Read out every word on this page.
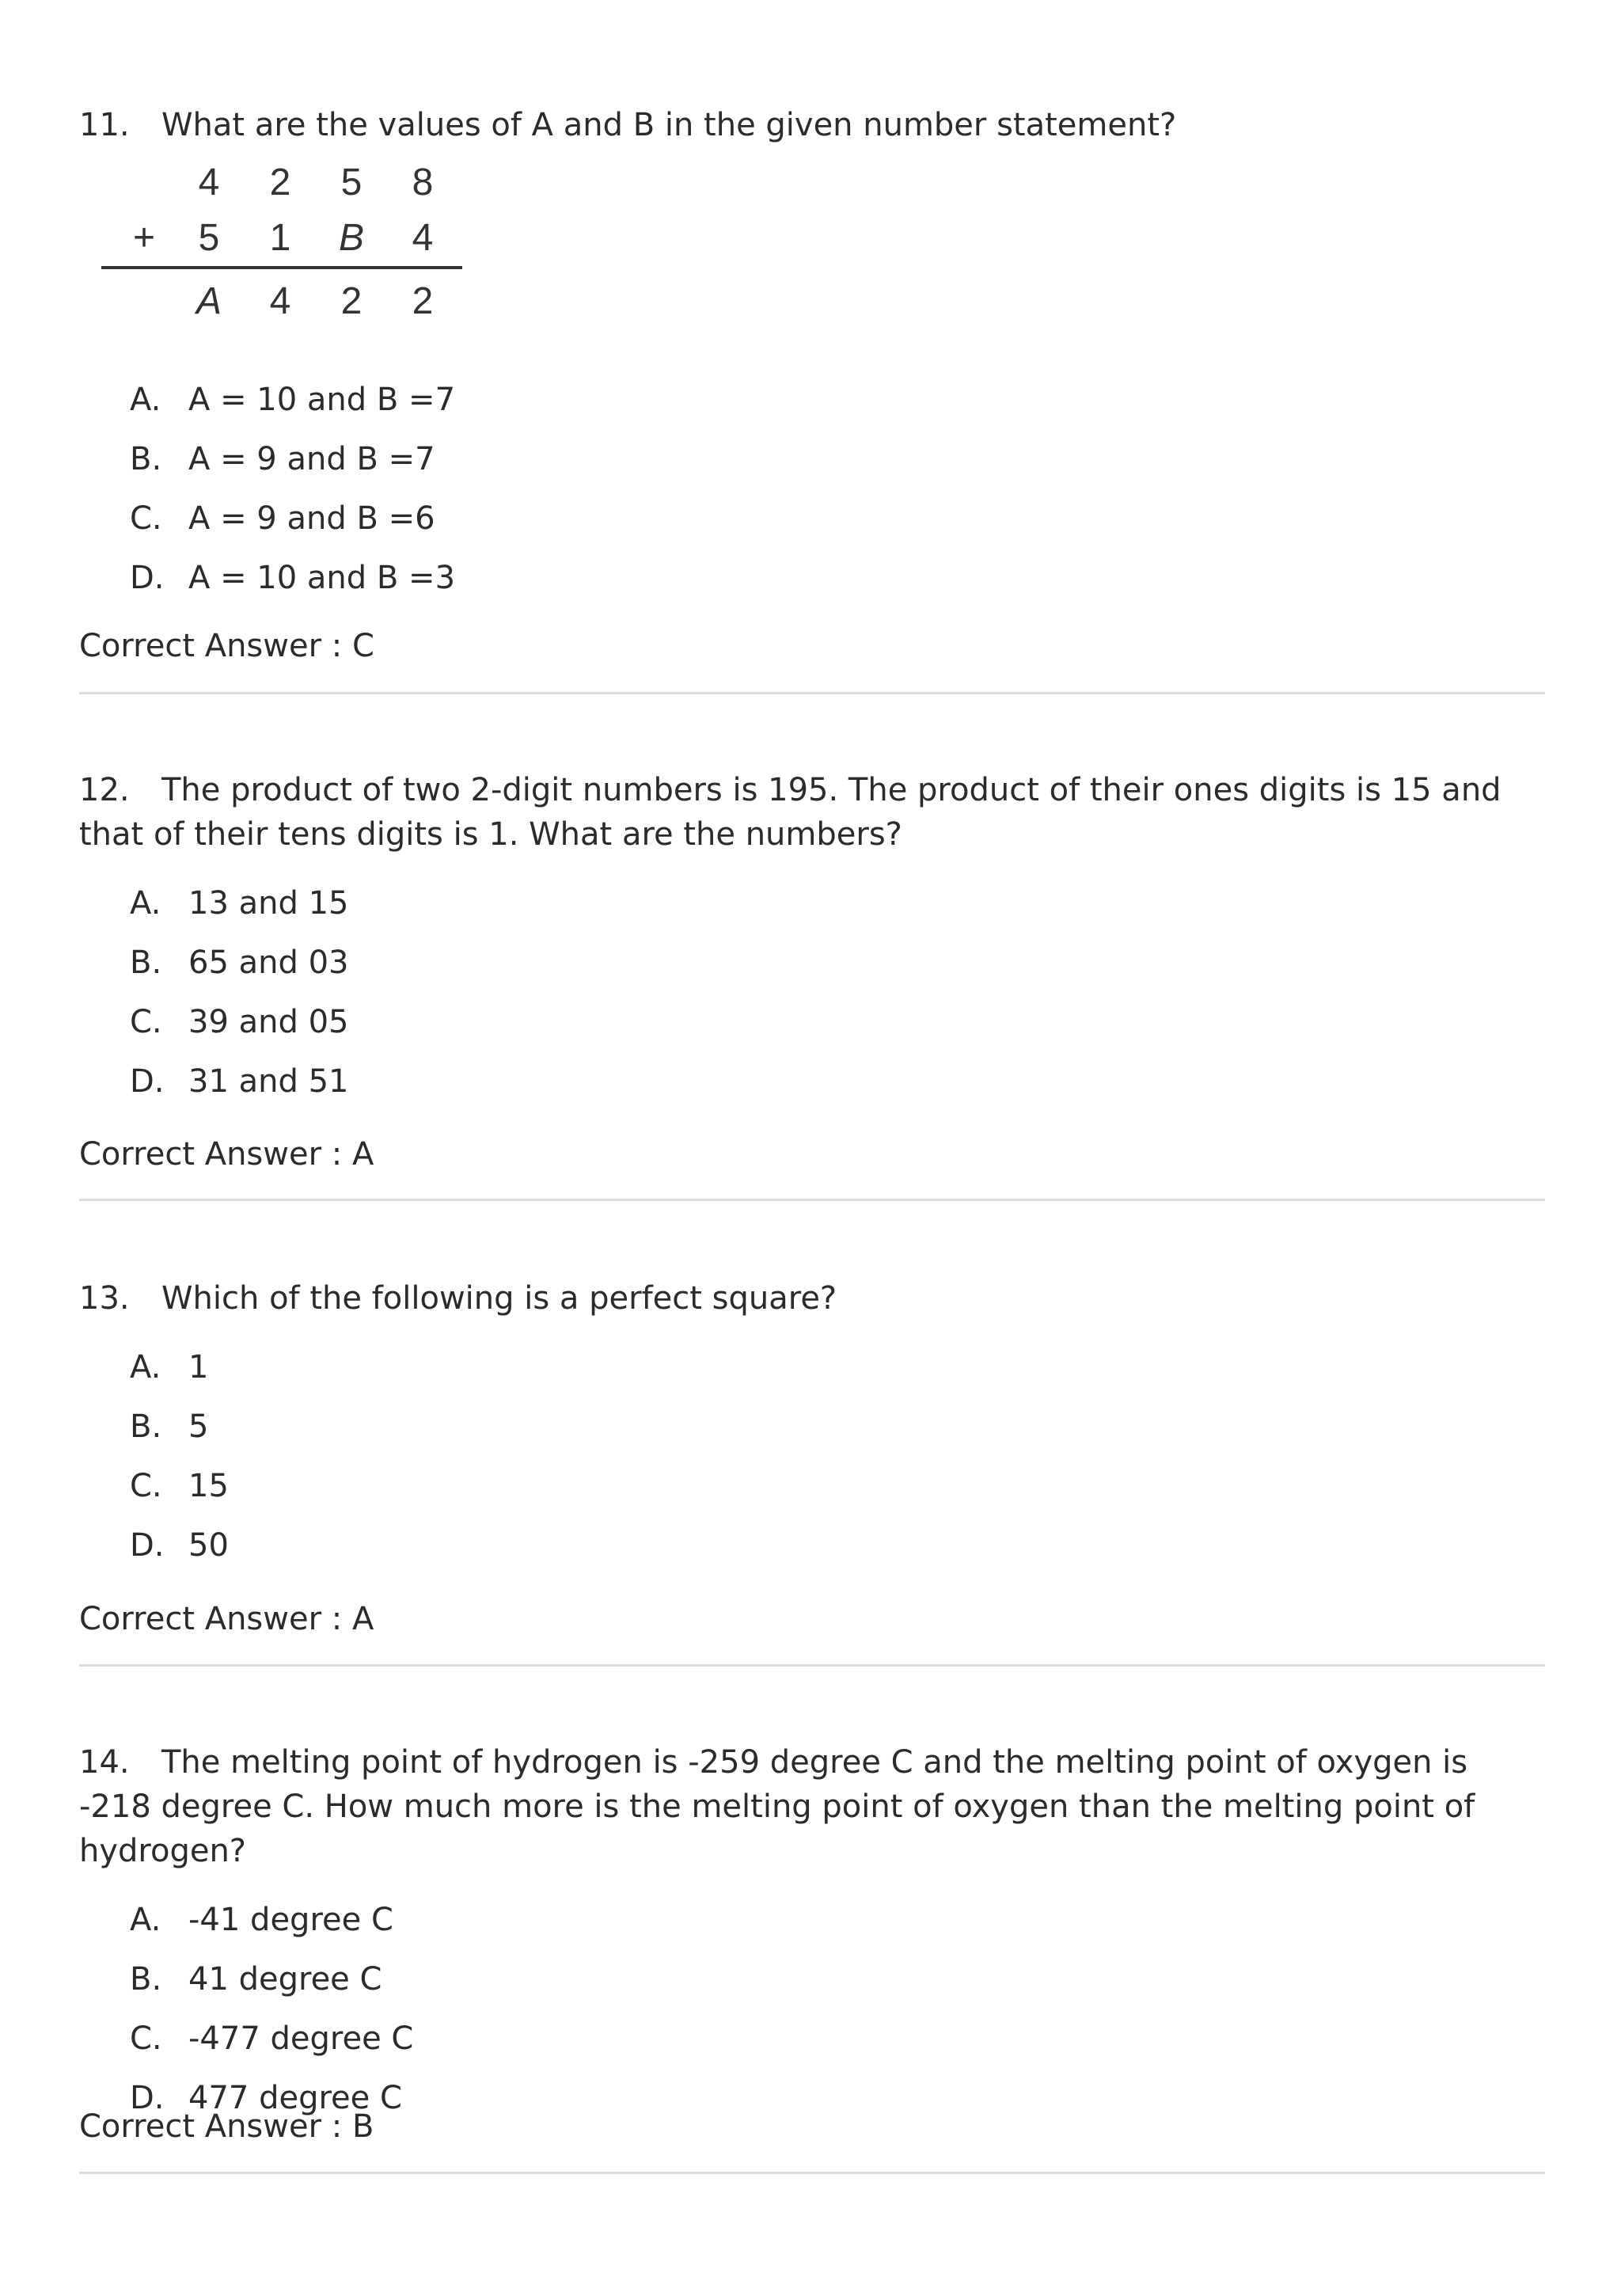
11. What are the values of A and B in the given number statement?

4 2 5 8
+ 5 1 B 4
A 4 2 2
A. A = 10 and B =7
B. A = 9 and B =7
C. A = 9 and B =6
D. A = 10 and B =3

Correct Answer : C

12. The product of two 2-digit numbers is 195. The product of their ones digits is 15 and that of their tens digits is 1. What are the numbers?

A. 13 and 15
B. 65 and 03
C. 39 and 05
D. 31 and 51

Correct Answer : A

13. Which of the following is a perfect square?

A. 1
B. 5
C. 15
D. 50

Correct Answer : A

14. The melting point of hydrogen is -259 degree C and the melting point of oxygen is -218 degree C. How much more is the melting point of oxygen than the melting point of hydrogen?

A. -41 degree C
B. 41 degree C
C. -477 degree C
D. 477 degree C

Correct Answer : B
